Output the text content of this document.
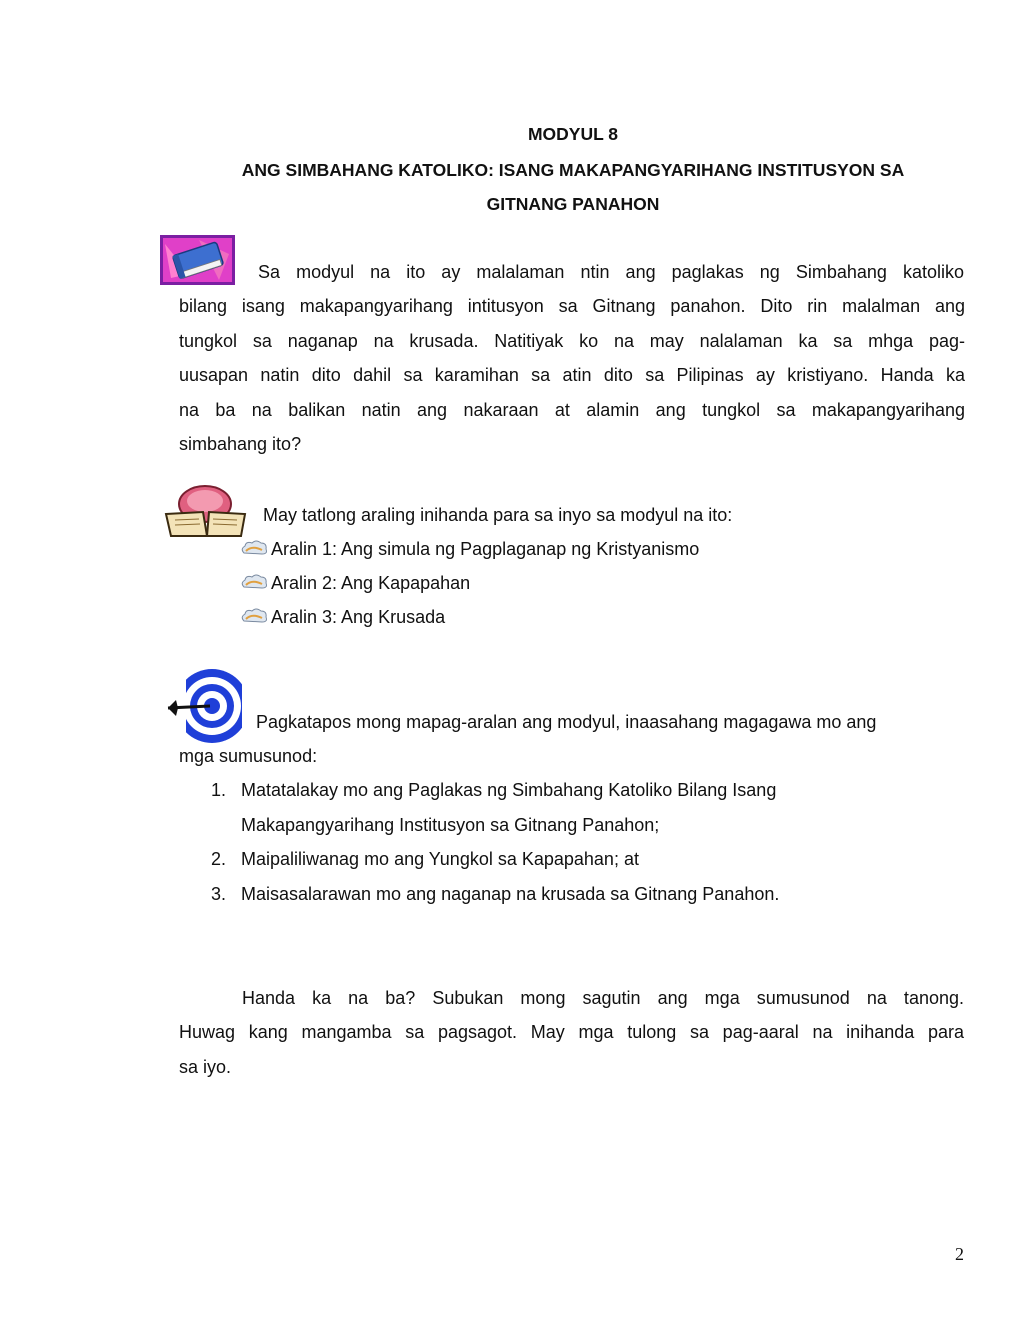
MODYUL 8
ANG SIMBAHANG KATOLIKO: ISANG MAKAPANGYARIHANG INSTITUSYON SA
GITNANG PANAHON
Sa modyul na ito ay malalaman ntin ang paglakas ng Simbahang katoliko
bilang isang makapangyarihang intitusyon sa Gitnang panahon. Dito rin malalman ang
tungkol sa naganap na krusada. Natitiyak ko na may nalalaman ka sa mhga pag-
uusapan natin dito dahil sa karamihan sa atin dito sa Pilipinas ay kristiyano. Handa ka
na ba na balikan natin ang nakaraan at alamin ang tungkol sa makapangyarihang
simbahang ito?
May tatlong araling inihanda para sa inyo sa modyul na ito:
Aralin 1: Ang simula ng Pagplaganap ng Kristyanismo
Aralin 2: Ang Kapapahan
Aralin 3: Ang Krusada
Pagkatapos mong mapag-aralan ang modyul, inaasahang magagawa mo ang
mga sumusunod:
1. Matatalakay mo ang Paglakas ng Simbahang Katoliko Bilang Isang
Makapangyarihang Institusyon sa Gitnang Panahon;
2. Maipaliliwanag mo ang Yungkol sa Kapapahan; at
3. Maisasalarawan mo ang naganap na krusada sa Gitnang Panahon.
Handa ka na ba? Subukan mong sagutin ang mga sumusunod na tanong.
Huwag kang mangamba sa pagsagot. May mga tulong sa pag-aaral na inihanda para
sa iyo.
2
